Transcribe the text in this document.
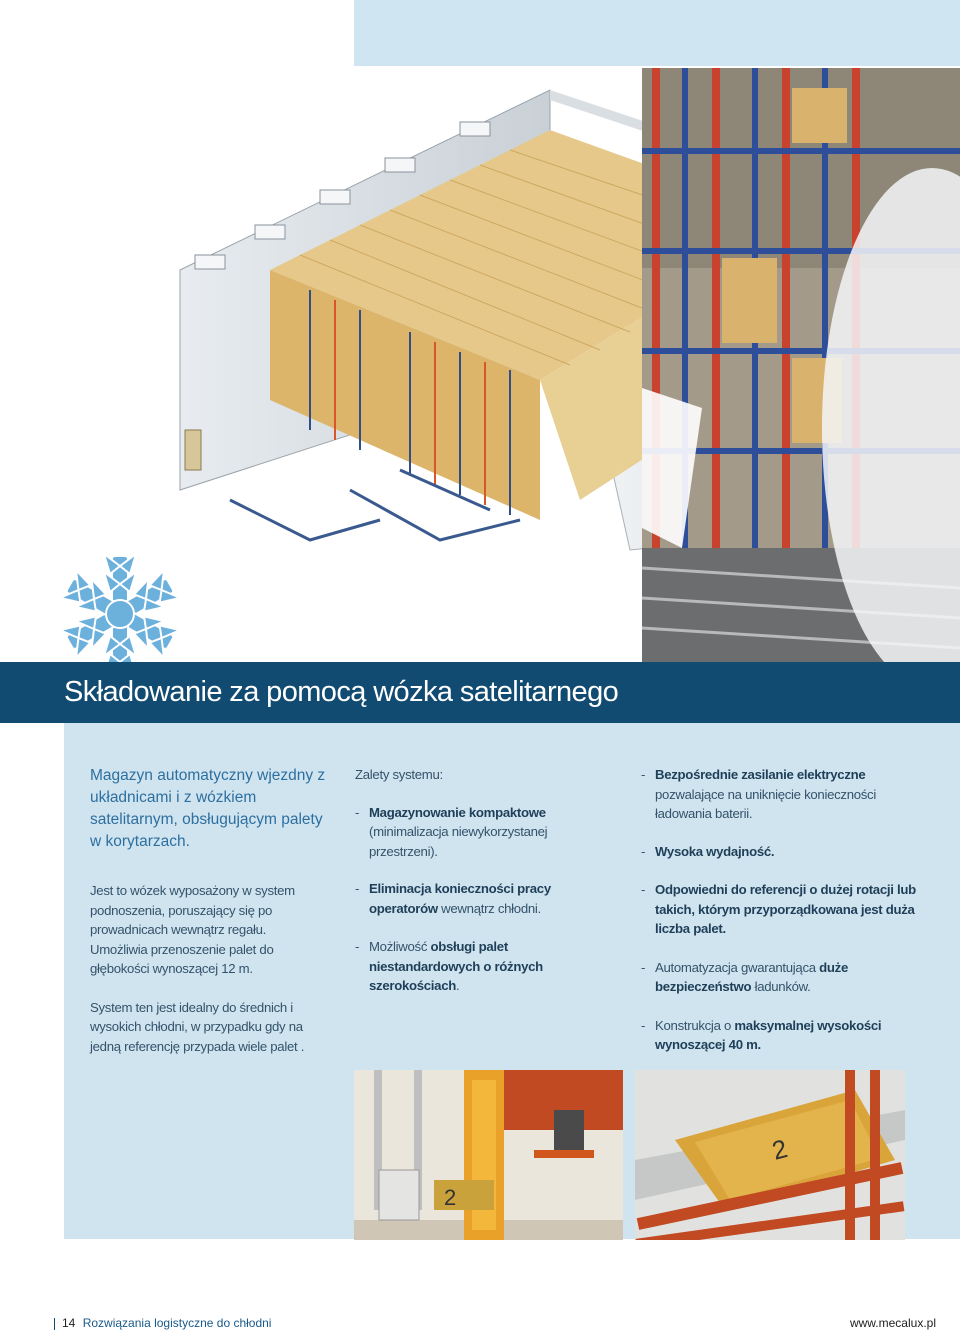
Składowanie za pomocą wózka satelitarnego
Magazyn automatyczny wjezdny z układnicami i z wózkiem satelitarnym, obsługującym palety w korytarzach.

Jest to wózek wyposażony w system podnoszenia, poruszający się po prowadnicach wewnątrz regału. Umożliwia przenoszenie palet do głębokości wynoszącej 12 m.

System ten jest idealny do średnich i wysokich chłodni, w przypadku gdy na jedną referencję przypada wiele palet .

Zalety systemu:

- Magazynowanie kompaktowe
(minimalizacja niewykorzystanej przestrzeni).
- Eliminacja konieczności pracy operatorów wewnątrz chłodni.
- Możliwość obsługi palet niestandardowych o różnych szerokościach.
- Bezpośrednie zasilanie elektryczne
pozwalające na uniknięcie konieczności ładowania baterii.
- Wysoka wydajność.
- Odpowiedni do referencji o dużej rotacji lub takich, którym przyporządkowana jest duża liczba palet.
- Automatyzacja gwarantująca duże bezpieczeństwo ładunków.
- Konstrukcja o maksymalnej wysokości wynoszącej 40 m.
2
2
14 Rozwiązania logistyczne do chłodni	www.mecalux.pl
